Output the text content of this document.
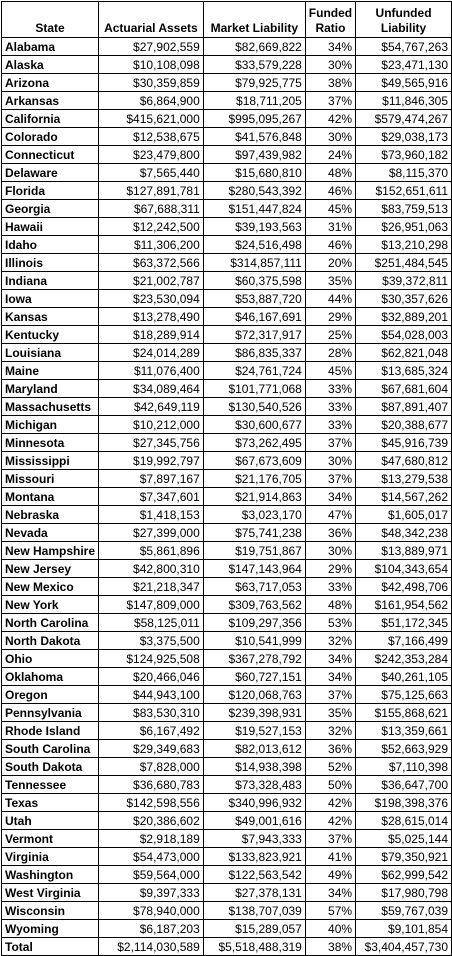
State	Actuarial Assets	Market Liability	Funded Ratio	Unfunded Liability
Alabama	$27,902,559	$82,669,822	34%	$54,767,263
Alaska	$10,108,098	$33,579,228	30%	$23,471,130
Arizona	$30,359,859	$79,925,775	38%	$49,565,916
Arkansas	$6,864,900	$18,711,205	37%	$11,846,305
California	$415,621,000	$995,095,267	42%	$579,474,267
Colorado	$12,538,675	$41,576,848	30%	$29,038,173
Connecticut	$23,479,800	$97,439,982	24%	$73,960,182
Delaware	$7,565,440	$15,680,810	48%	$8,115,370
Florida	$127,891,781	$280,543,392	46%	$152,651,611
Georgia	$67,688,311	$151,447,824	45%	$83,759,513
Hawaii	$12,242,500	$39,193,563	31%	$26,951,063
Idaho	$11,306,200	$24,516,498	46%	$13,210,298
Illinois	$63,372,566	$314,857,111	20%	$251,484,545
Indiana	$21,002,787	$60,375,598	35%	$39,372,811
Iowa	$23,530,094	$53,887,720	44%	$30,357,626
Kansas	$13,278,490	$46,167,691	29%	$32,889,201
Kentucky	$18,289,914	$72,317,917	25%	$54,028,003
Louisiana	$24,014,289	$86,835,337	28%	$62,821,048
Maine	$11,076,400	$24,761,724	45%	$13,685,324
Maryland	$34,089,464	$101,771,068	33%	$67,681,604
Massachusetts	$42,649,119	$130,540,526	33%	$87,891,407
Michigan	$10,212,000	$30,600,677	33%	$20,388,677
Minnesota	$27,345,756	$73,262,495	37%	$45,916,739
Mississippi	$19,992,797	$67,673,609	30%	$47,680,812
Missouri	$7,897,167	$21,176,705	37%	$13,279,538
Montana	$7,347,601	$21,914,863	34%	$14,567,262
Nebraska	$1,418,153	$3,023,170	47%	$1,605,017
Nevada	$27,399,000	$75,741,238	36%	$48,342,238
New Hampshire	$5,861,896	$19,751,867	30%	$13,889,971
New Jersey	$42,800,310	$147,143,964	29%	$104,343,654
New Mexico	$21,218,347	$63,717,053	33%	$42,498,706
New York	$147,809,000	$309,763,562	48%	$161,954,562
North Carolina	$58,125,011	$109,297,356	53%	$51,172,345
North Dakota	$3,375,500	$10,541,999	32%	$7,166,499
Ohio	$124,925,508	$367,278,792	34%	$242,353,284
Oklahoma	$20,466,046	$60,727,151	34%	$40,261,105
Oregon	$44,943,100	$120,068,763	37%	$75,125,663
Pennsylvania	$83,530,310	$239,398,931	35%	$155,868,621
Rhode Island	$6,167,492	$19,527,153	32%	$13,359,661
South Carolina	$29,349,683	$82,013,612	36%	$52,663,929
South Dakota	$7,828,000	$14,938,398	52%	$7,110,398
Tennessee	$36,680,783	$73,328,483	50%	$36,647,700
Texas	$142,598,556	$340,996,932	42%	$198,398,376
Utah	$20,386,602	$49,001,616	42%	$28,615,014
Vermont	$2,918,189	$7,943,333	37%	$5,025,144
Virginia	$54,473,000	$133,823,921	41%	$79,350,921
Washington	$59,564,000	$122,563,542	49%	$62,999,542
West Virginia	$9,397,333	$27,378,131	34%	$17,980,798
Wisconsin	$78,940,000	$138,707,039	57%	$59,767,039
Wyoming	$6,187,203	$15,289,057	40%	$9,101,854
Total	$2,114,030,589	$5,518,488,319	38%	$3,404,457,730
